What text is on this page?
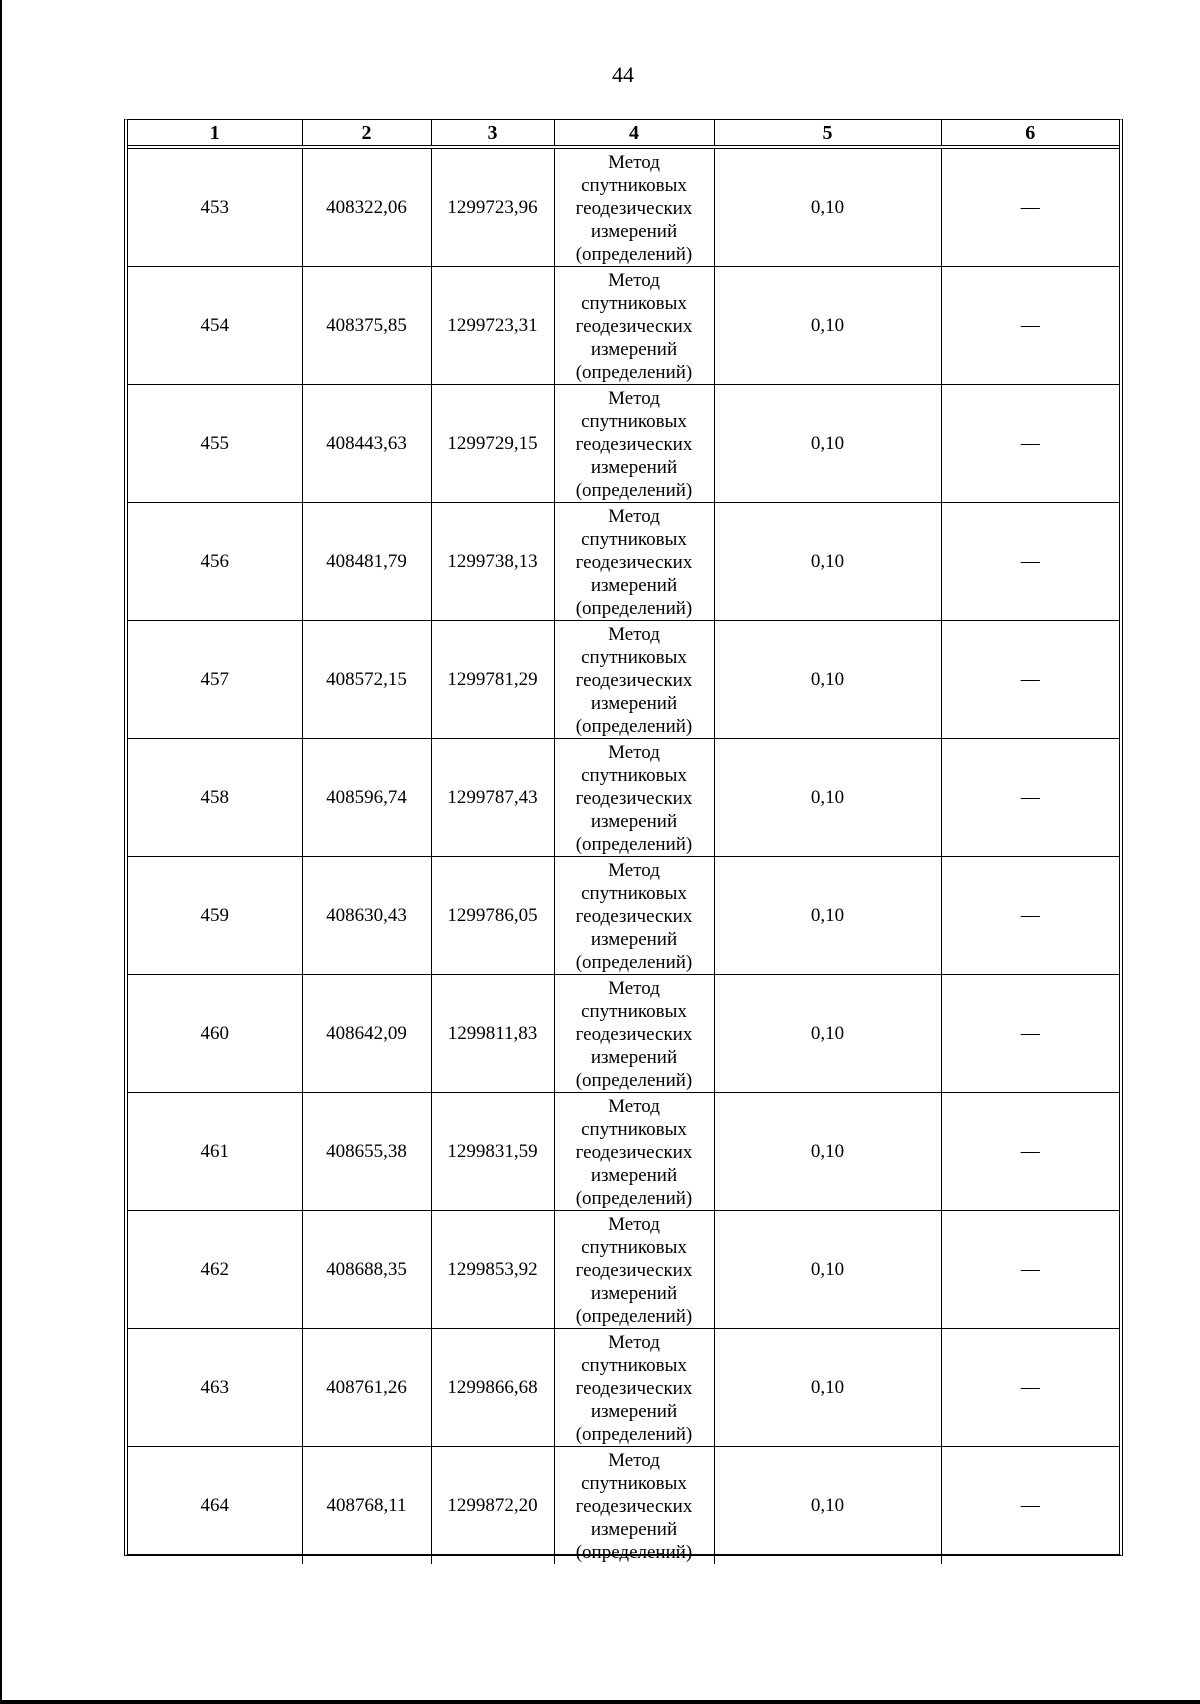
44
1	2	3	4	5	6
453	408322,06	1299723,96	Метод спутниковых геодезических измерений (определений)	0,10	—
454	408375,85	1299723,31	Метод спутниковых геодезических измерений (определений)	0,10	—
455	408443,63	1299729,15	Метод спутниковых геодезических измерений (определений)	0,10	—
456	408481,79	1299738,13	Метод спутниковых геодезических измерений (определений)	0,10	—
457	408572,15	1299781,29	Метод спутниковых геодезических измерений (определений)	0,10	—
458	408596,74	1299787,43	Метод спутниковых геодезических измерений (определений)	0,10	—
459	408630,43	1299786,05	Метод спутниковых геодезических измерений (определений)	0,10	—
460	408642,09	1299811,83	Метод спутниковых геодезических измерений (определений)	0,10	—
461	408655,38	1299831,59	Метод спутниковых геодезических измерений (определений)	0,10	—
462	408688,35	1299853,92	Метод спутниковых геодезических измерений (определений)	0,10	—
463	408761,26	1299866,68	Метод спутниковых геодезических измерений (определений)	0,10	—
464	408768,11	1299872,20	Метод спутниковых геодезических измерений (определений)	0,10	—
